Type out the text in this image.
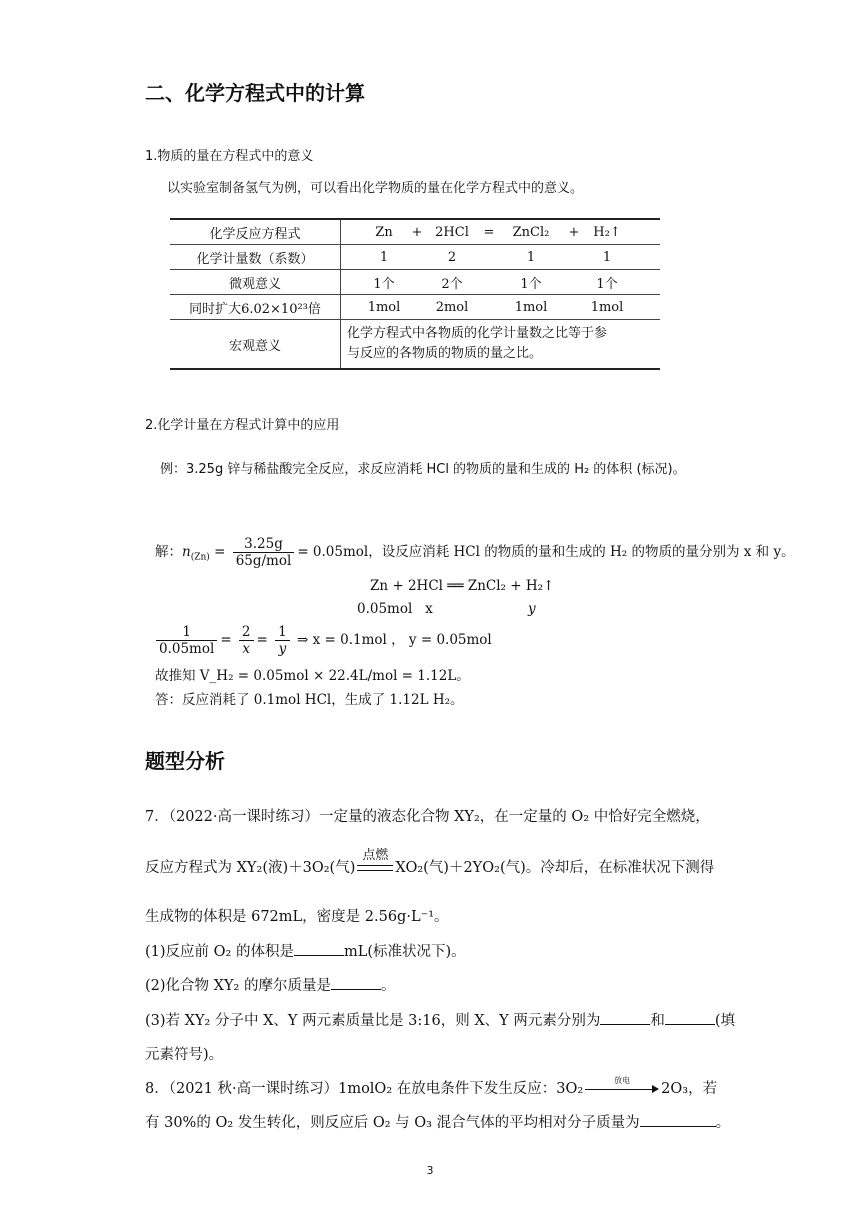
二、化学方程式中的计算
1.物质的量在方程式中的意义
以实验室制备氢气为例，可以看出化学物质的量在化学方程式中的意义。
化学反应方程式	Zn + 2HCl = ZnCl₂ + H₂↑
化学计量数（系数）	1 2 1 1
微观意义	1个 2个 1个 1个
同时扩大6.02×10²³倍	1mol 2mol 1mol 1mol
宏观意义	化学方程式中各物质的化学计量数之比等于参
与反应的各物质的物质的量之比。
2.化学计量在方程式计算中的应用
例：3.25g 锌与稀盐酸完全反应，求反应消耗 HCl 的物质的量和生成的 H₂ 的体积 (标况)。
解：$n_{(Zn)} = \frac{3.25g}{\text{65g/mol}} = 0.05mol$，设反应消耗 HCl 的物质的量和生成的 H₂ 的物质的量分别为 x 和 y。
Zn + 2HCl ══ ZnCl₂ + H₂↑
0.05mol   x	y
$\frac{1}{\text{0.05mol}} = \frac{2}{x} = \frac{1}{y}$ ⇒ x = 0.1mol ， y = 0.05mol
故推知 V_H₂ = 0.05mol × 22.4L/mol = 1.12L。
答：反应消耗了 0.1mol HCl，生成了 1.12L H₂。
题型分析
7．（2022·高一课时练习）一定量的液态化合物 XY₂，在一定量的 O₂ 中恰好完全燃烧，
反应方程式为 XY₂(液)＋3O₂(气)
点燃
XO₂(气)＋2YO₂(气)。冷却后，在标准状况下测得
生成物的体积是 672mL，密度是 2.56g·L⁻¹。
(1)反应前 O₂ 的体积是	mL(标准状况下)。
(2)化合物 XY₂ 的摩尔质量是	。
(3)若 XY₂ 分子中 X、Y 两元素质量比是 3:16，则 X、Y 两元素分别为	和	(填
元素符号)。
8．（2021 秋·高一课时练习）1molO₂ 在放电条件下发生反应：3O₂
放电
2O₃，若
有 30%的 O₂ 发生转化，则反应后 O₂ 与 O₃ 混合气体的平均相对分子质量为	。
3
